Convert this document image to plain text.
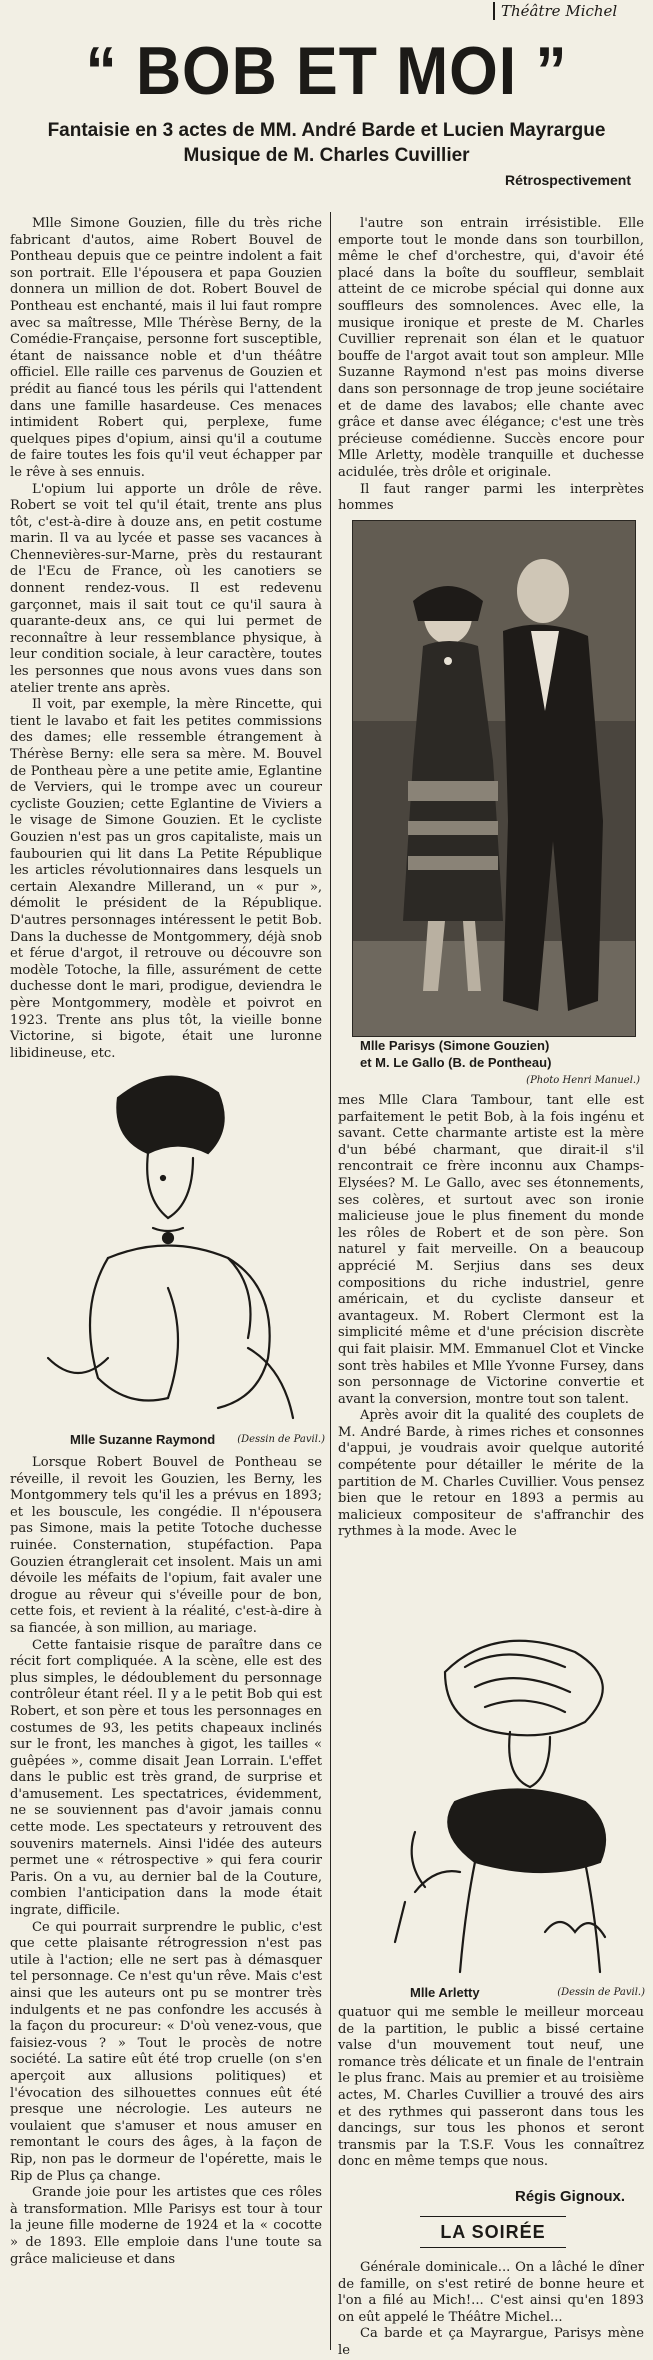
Théâtre Michel
“ BOB ET MOI ”

Fantaisie en 3 actes de MM. André Barde et Lucien Mayrargue

Musique de M. Charles Cuvillier

Rétrospectivement

Mlle Simone Gouzien, fille du très riche fabricant d'autos, aime Robert Bouvel de Pontheau depuis que ce peintre indolent a fait son portrait. Elle l'épousera et papa Gouzien donnera un million de dot. Robert Bouvel de Pontheau est enchanté, mais il lui faut rompre avec sa maîtresse, Mlle Thérèse Berny, de la Comédie-Française, personne fort susceptible, étant de naissance noble et d'un théâtre officiel. Elle raille ces parvenus de Gouzien et prédit au fiancé tous les périls qui l'attendent dans une famille hasardeuse. Ces menaces intimident Robert qui, perplexe, fume quelques pipes d'opium, ainsi qu'il a coutume de faire toutes les fois qu'il veut échapper par le rêve à ses ennuis.

L'opium lui apporte un drôle de rêve. Robert se voit tel qu'il était, trente ans plus tôt, c'est-à-dire à douze ans, en petit costume marin. Il va au lycée et passe ses vacances à Chennevières-sur-Marne, près du restaurant de l'Ecu de France, où les canotiers se donnent rendez-vous. Il est redevenu garçonnet, mais il sait tout ce qu'il saura à quarante-deux ans, ce qui lui permet de reconnaître à leur ressemblance physique, à leur condition sociale, à leur caractère, toutes les personnes que nous avons vues dans son atelier trente ans après.

Il voit, par exemple, la mère Rincette, qui tient le lavabo et fait les petites commissions des dames; elle ressemble étrangement à Thérèse Berny: elle sera sa mère. M. Bouvel de Pontheau père a une petite amie, Eglantine de Verviers, qui le trompe avec un coureur cycliste Gouzien; cette Eglantine de Viviers a le visage de Simone Gouzien. Et le cycliste Gouzien n'est pas un gros capitaliste, mais un faubourien qui lit dans La Petite République les articles révolutionnaires dans lesquels un certain Alexandre Millerand, un « pur », démolit le président de la République. D'autres personnages intéressent le petit Bob. Dans la duchesse de Montgommery, déjà snob et férue d'argot, il retrouve ou découvre son modèle Totoche, la fille, assurément de cette duchesse dont le mari, prodigue, deviendra le père Montgommery, modèle et poivrot en 1923. Trente ans plus tôt, la vieille bonne Victorine, si bigote, était une luronne libidineuse, etc.

l'autre son entrain irrésistible. Elle emporte tout le monde dans son tourbillon, même le chef d'orchestre, qui, d'avoir été placé dans la boîte du souffleur, semblait atteint de ce microbe spécial qui donne aux souffleurs des somnolences. Avec elle, la musique ironique et preste de M. Charles Cuvillier reprenait son élan et le quatuor bouffe de l'argot avait tout son ampleur. Mlle Suzanne Raymond n'est pas moins diverse dans son personnage de trop jeune sociétaire et de dame des lavabos; elle chante avec grâce et danse avec élégance; c'est une très précieuse comédienne. Succès encore pour Mlle Arletty, modèle tranquille et duchesse acidulée, très drôle et originale.

Il faut ranger parmi les interprètes hommes

Mlle Parisys (Simone Gouzien)
et M. Le Gallo (B. de Pontheau)
(Photo Henri Manuel.)
Mlle Suzanne Raymond (Dessin de Pavil.)

Lorsque Robert Bouvel de Pontheau se réveille, il revoit les Gouzien, les Berny, les Montgommery tels qu'il les a prévus en 1893; et les bouscule, les congédie. Il n'épousera pas Simone, mais la petite Totoche duchesse ruinée. Consternation, stupéfaction. Papa Gouzien étranglerait cet insolent. Mais un ami dévoile les méfaits de l'opium, fait avaler une drogue au rêveur qui s'éveille pour de bon, cette fois, et revient à la réalité, c'est-à-dire à sa fiancée, à son million, au mariage.

Cette fantaisie risque de paraître dans ce récit fort compliquée. A la scène, elle est des plus simples, le dédoublement du personnage contrôleur étant réel. Il y a le petit Bob qui est Robert, et son père et tous les personnages en costumes de 93, les petits chapeaux inclinés sur le front, les manches à gigot, les tailles « guêpées », comme disait Jean Lorrain. L'effet dans le public est très grand, de surprise et d'amusement. Les spectatrices, évidemment, ne se souviennent pas d'avoir jamais connu cette mode. Les spectateurs y retrouvent des souvenirs maternels. Ainsi l'idée des auteurs permet une « rétrospective » qui fera courir Paris. On a vu, au dernier bal de la Couture, combien l'anticipation dans la mode était ingrate, difficile.

Ce qui pourrait surprendre le public, c'est que cette plaisante rétrogression n'est pas utile à l'action; elle ne sert pas à démasquer tel personnage. Ce n'est qu'un rêve. Mais c'est ainsi que les auteurs ont pu se montrer très indulgents et ne pas confondre les accusés à la façon du procureur: « D'où venez-vous, que faisiez-vous ? » Tout le procès de notre société. La satire eût été trop cruelle (on s'en aperçoit aux allusions politiques) et l'évocation des silhouettes connues eût été presque une nécrologie. Les auteurs ne voulaient que s'amuser et nous amuser en remontant le cours des âges, à la façon de Rip, non pas le dormeur de l'opérette, mais le Rip de Plus ça change.

Grande joie pour les artistes que ces rôles à transformation. Mlle Parisys est tour à tour la jeune fille moderne de 1924 et la « cocotte » de 1893. Elle emploie dans l'une toute sa grâce malicieuse et dans

mes Mlle Clara Tambour, tant elle est parfaitement le petit Bob, à la fois ingénu et savant. Cette charmante artiste est la mère d'un bébé charmant, que dirait-il s'il rencontrait ce frère inconnu aux Champs-Elysées? M. Le Gallo, avec ses étonnements, ses colères, et surtout avec son ironie malicieuse joue le plus finement du monde les rôles de Robert et de son père. Son naturel y fait merveille. On a beaucoup apprécié M. Serjius dans ses deux compositions du riche industriel, genre américain, et du cycliste danseur et avantageux. M. Robert Clermont est la simplicité même et d'une précision discrète qui fait plaisir. MM. Emmanuel Clot et Vincke sont très habiles et Mlle Yvonne Fursey, dans son personnage de Victorine convertie et avant la conversion, montre tout son talent.

Après avoir dit la qualité des couplets de M. André Barde, à rimes riches et consonnes d'appui, je voudrais avoir quelque autorité compétente pour détailler le mérite de la partition de M. Charles Cuvillier. Vous pensez bien que le retour en 1893 a permis au malicieux compositeur de s'affranchir des rythmes à la mode. Avec le

Mlle Arletty	(Dessin de Pavil.)

quatuor qui me semble le meilleur morceau de la partition, le public a bissé certaine valse d'un mouvement tout neuf, une romance très délicate et un finale de l'entrain le plus franc. Mais au premier et au troisième actes, M. Charles Cuvillier a trouvé des airs et des rythmes qui passeront dans tous les dancings, sur tous les phonos et seront transmis par la T.S.F. Vous les connaîtrez donc en même temps que nous.

Régis Gignoux.
LA SOIRÉE

Générale dominicale... On a lâché le dîner de famille, on s'est retiré de bonne heure et l'on a filé au Mich!... C'est ainsi qu'en 1893 on eût appelé le Théâtre Michel...

Ca barde et ça Mayrargue, Parisys mène le
